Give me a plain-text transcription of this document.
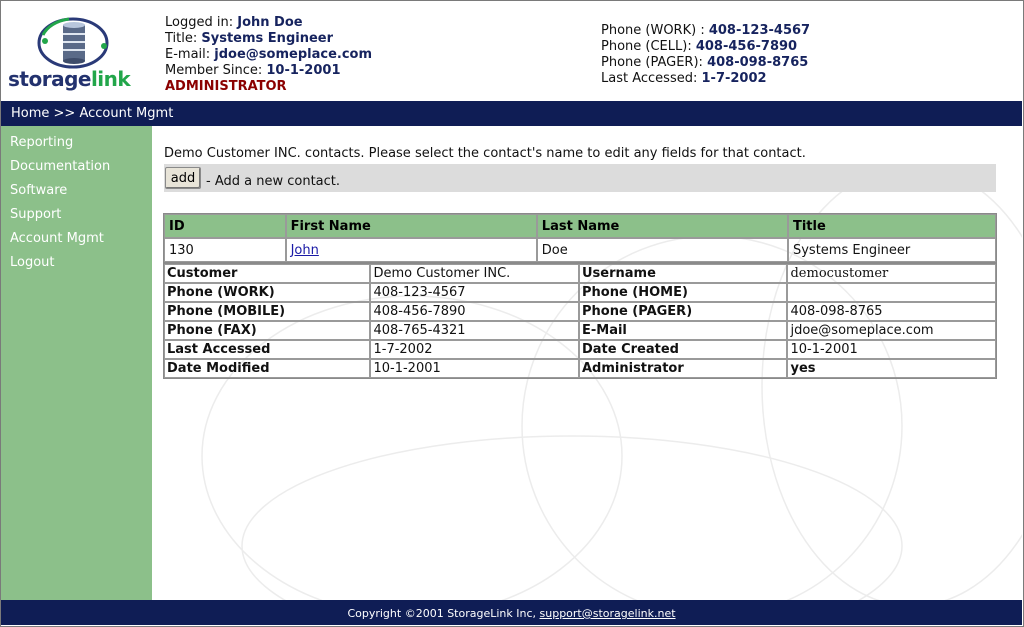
storagelink
Logged in: John Doe
Title: Systems Engineer
E-mail: jdoe@someplace.com
Member Since: 10-1-2001
ADMINISTRATOR
Phone (WORK) : 408-123-4567
Phone (CELL): 408-456-7890
Phone (PAGER): 408-098-8765
Last Accessed: 1-7-2002
Home >> Account Mgmt
Reporting
Documentation
Software
Support
Account Mgmt
Logout
Demo Customer INC. contacts. Please select the contact's name to edit any fields for that contact.
add - Add a new contact.
ID	First Name	Last Name	Title
130	John	Doe	Systems Engineer
Customer	Demo Customer INC.	Username	democustomer
Phone (WORK)	408-123-4567	Phone (HOME)	
Phone (MOBILE)	408-456-7890	Phone (PAGER)	408-098-8765
Phone (FAX)	408-765-4321	E-Mail	jdoe@someplace.com
Last Accessed	1-7-2002	Date Created	10-1-2001
Date Modified	10-1-2001	Administrator	yes
Copyright ©2001 StorageLink Inc, support@storagelink.net
